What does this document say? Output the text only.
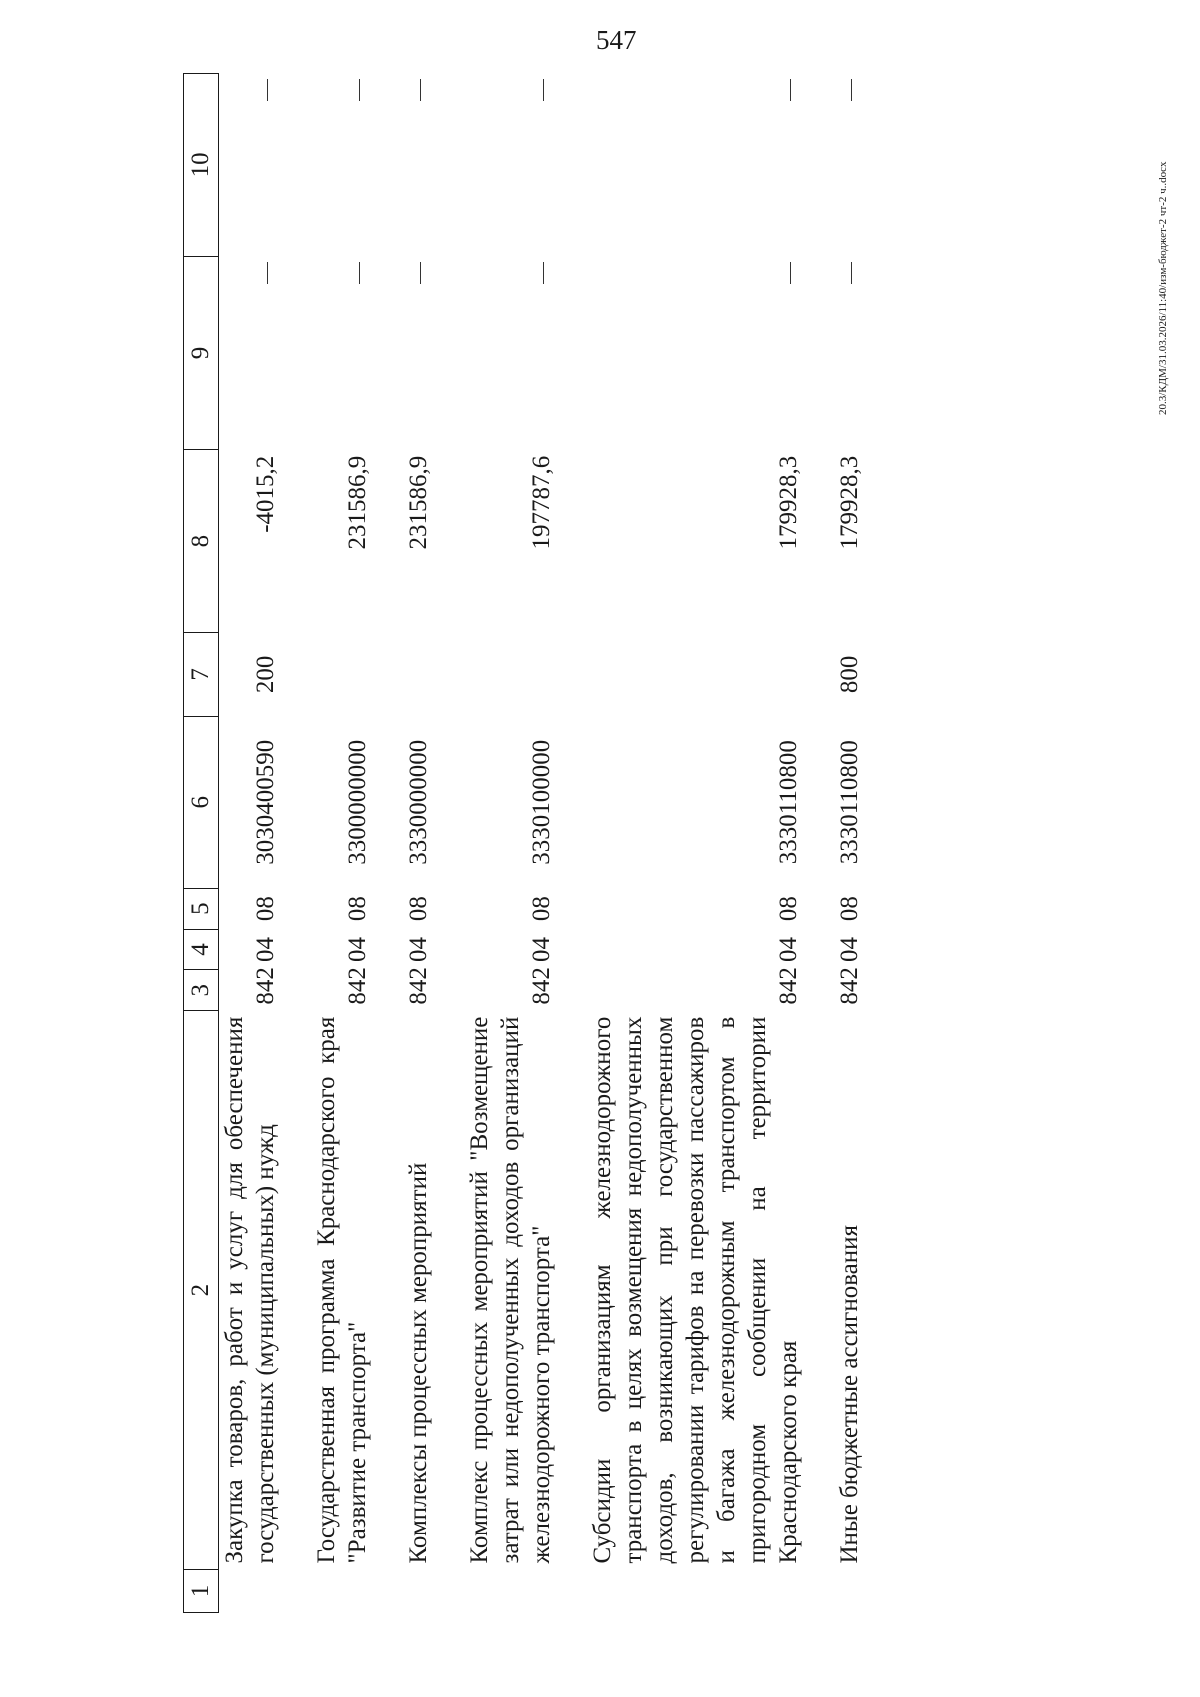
547
20.3/КДМ/31.03.2026/11:40/изм-бюджет-2 чт-2 ч..docx
1	2	3	4	5	6	7	8	9	10
	Закупка товаров, работ и услуг для обеспечения государственных (муниципальных) нужд	842	04	08	3030400590	200	-4015,2		

	Государственная программа Краснодарского края "Развитие транспорта"	842	04	08	3300000000		231586,9		

	Комплексы процессных мероприятий	842	04	08	3330000000		231586,9		

	Комплекс процессных мероприятий "Возмещение затрат или недополученных доходов организаций железнодорожного транспорта"	842	04	08	3330100000		197787,6		

	Субсидии организациям железнодорожного транспорта в целях возмещения недополученных доходов, возникающих при государственном регулировании тарифов на перевозки пассажиров и багажа железнодорожным транспортом в пригородном сообщении на территории Краснодарского края	842	04	08	3330110800		179928,3		

	Иные бюджетные ассигнования	842	04	08	3330110800	800	179928,3		
